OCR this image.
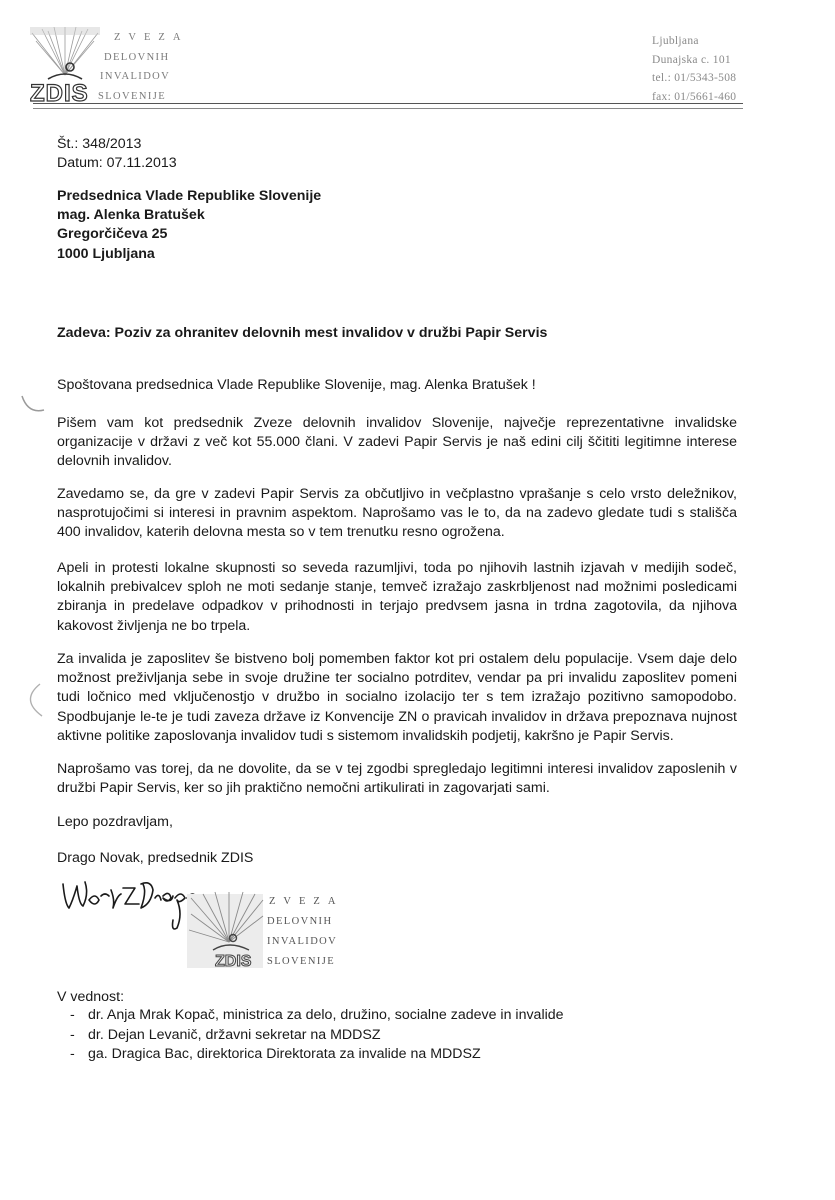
ZDIS
ZVEZA
DELOVNIH
INVALIDOV
SLOVENIJE
Ljubljana
Dunajska c. 101
tel.: 01/5343-508
fax: 01/5661-460
Št.: 348/2013
Datum: 07.11.2013
Predsednica Vlade Republike Slovenije
mag. Alenka Bratušek
Gregorčičeva 25
1000 Ljubljana
Zadeva: Poziv za ohranitev delovnih mest invalidov v družbi Papir Servis
Spoštovana predsednica Vlade Republike Slovenije, mag. Alenka Bratušek !
Pišem vam kot predsednik Zveze delovnih invalidov Slovenije, največje reprezentativne invalidske organizacije v državi z več kot 55.000 člani. V zadevi Papir Servis je naš edini cilj ščititi legitimne interese delovnih invalidov.
Zavedamo se, da gre v zadevi Papir Servis za občutljivo in večplastno vprašanje s celo vrsto deležnikov, nasprotujočimi si interesi in pravnim aspektom. Naprošamo vas le to, da na zadevo gledate tudi s stališča 400 invalidov, katerih delovna mesta so v tem trenutku resno ogrožena.
Apeli in protesti lokalne skupnosti so seveda razumljivi, toda po njihovih lastnih izjavah v medijih sodeč, lokalnih prebivalcev sploh ne moti sedanje stanje, temveč izražajo zaskrbljenost nad možnimi posledicami zbiranja in predelave odpadkov v prihodnosti in terjajo predvsem jasna in trdna zagotovila, da njihova kakovost življenja ne bo trpela.
Za invalida je zaposlitev še bistveno bolj pomemben faktor kot pri ostalem delu populacije. Vsem daje delo možnost preživljanja sebe in svoje družine ter socialno potrditev, vendar pa pri invalidu zaposlitev pomeni tudi ločnico med vključenostjo v družbo in socialno izolacijo ter s tem izražajo pozitivno samopodobo. Spodbujanje le-te je tudi zaveza države iz Konvencije ZN o pravicah invalidov in država prepoznava nujnost aktivne politike zaposlovanja invalidov tudi s sistemom invalidskih podjetij, kakršno je Papir Servis.
Naprošamo vas torej, da ne dovolite, da se v tej zgodbi spregledajo legitimni interesi invalidov zaposlenih v družbi Papir Servis, ker so jih praktično nemočni artikulirati in zagovarjati sami.
Lepo pozdravljam,
Drago Novak, predsednik ZDIS
ZDIS
ZVEZA
DELOVNIH
INVALIDOV
SLOVENIJE
V vednost:
- dr. Anja Mrak Kopač, ministrica za delo, družino, socialne zadeve in invalide
- dr. Dejan Levanič, državni sekretar na MDDSZ
- ga. Dragica Bac, direktorica Direktorata za invalide na MDDSZ
